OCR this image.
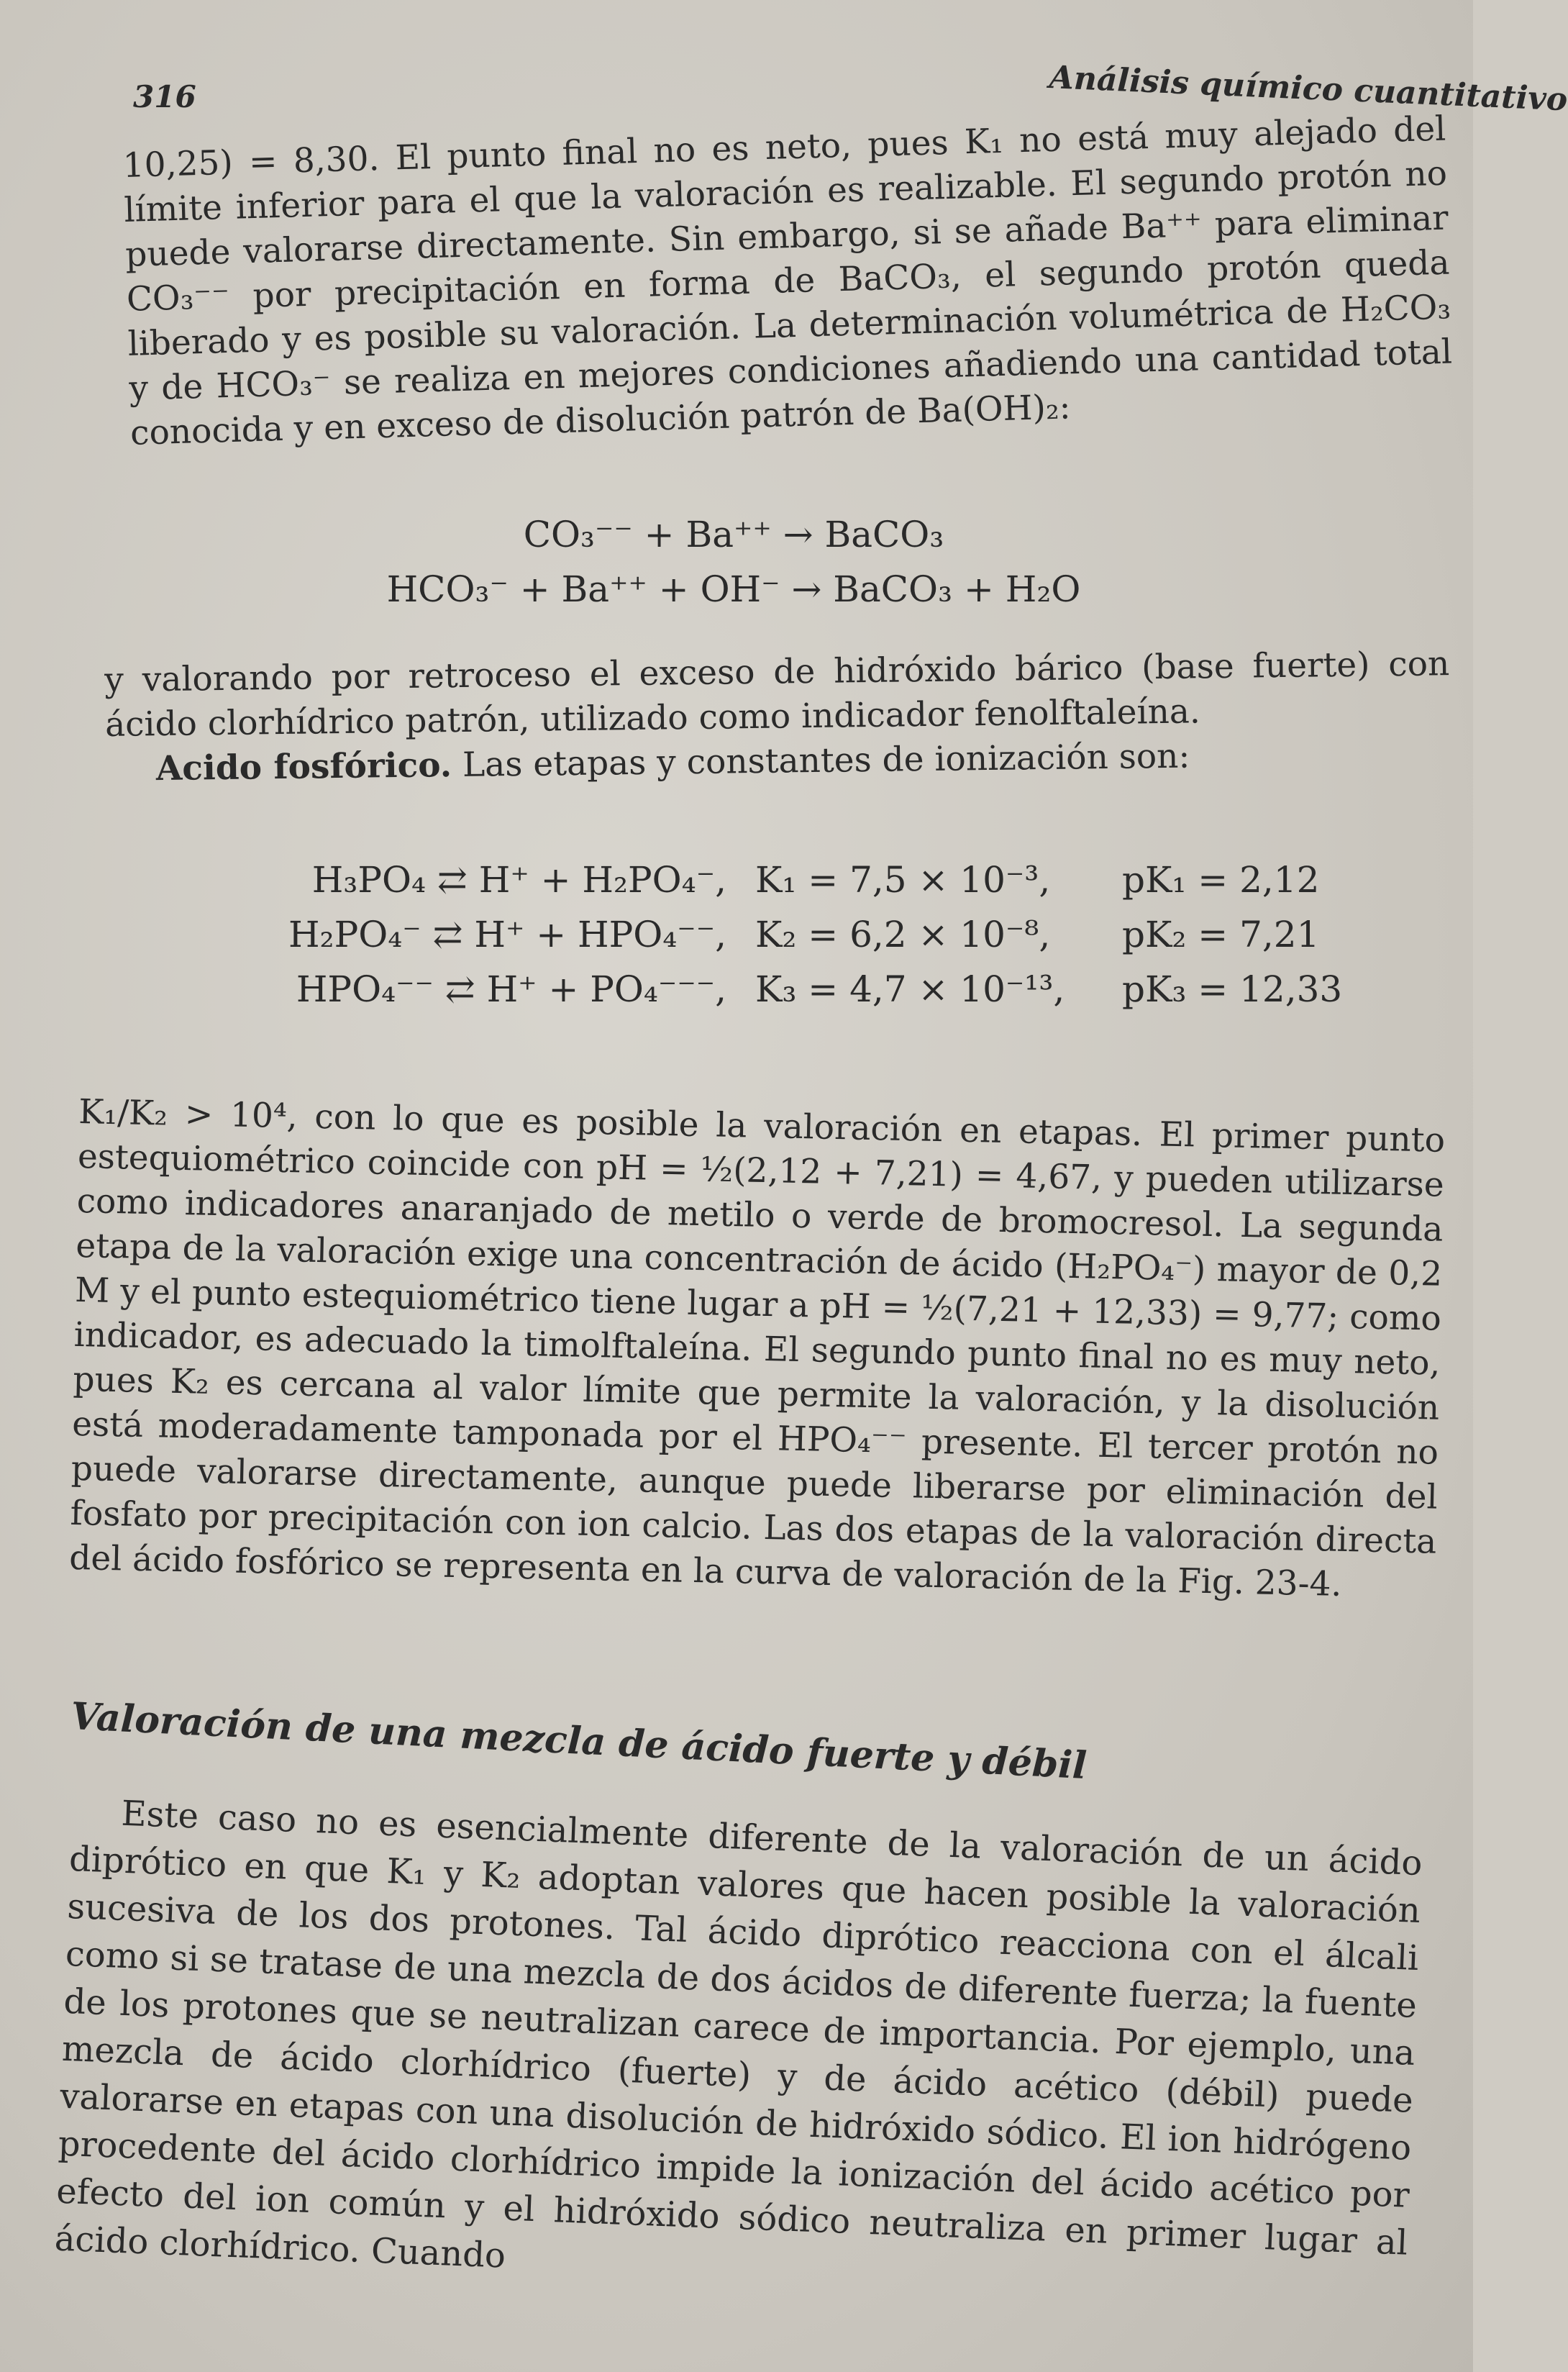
316	Análisis químico cuantitativo
10,25) = 8,30. El punto final no es neto, pues K₁ no está muy alejado del límite inferior para el que la valoración es realizable. El segundo protón no puede valorarse directamente. Sin embargo, si se añade Ba⁺⁺ para eliminar CO₃⁻⁻ por precipitación en forma de BaCO₃, el segundo protón queda liberado y es posible su valoración. La determinación volumétrica de H₂CO₃ y de HCO₃⁻ se realiza en mejores condiciones añadiendo una cantidad total conocida y en exceso de disolución patrón de Ba(OH)₂:
CO₃⁻⁻ + Ba⁺⁺ → BaCO₃
HCO₃⁻ + Ba⁺⁺ + OH⁻ → BaCO₃ + H₂O
y valorando por retroceso el exceso de hidróxido bárico (base fuerte) con ácido clorhídrico patrón, utilizado como indicador fenolftaleína.
Acido fosfórico. Las etapas y constantes de ionización son:
H₃PO₄ ⇄ H⁺ + H₂PO₄⁻, K₁ = 7,5 × 10⁻³,	pK₁ = 2,12
H₂PO₄⁻ ⇄ H⁺ + HPO₄⁻⁻, K₂ = 6,2 × 10⁻⁸,	pK₂ = 7,21
HPO₄⁻⁻ ⇄ H⁺ + PO₄⁻⁻⁻, K₃ = 4,7 × 10⁻¹³,	pK₃ = 12,33
K₁/K₂ > 10⁴, con lo que es posible la valoración en etapas. El primer punto estequiométrico coincide con pH = ½(2,12 + 7,21) = 4,67, y pueden utilizarse como indicadores anaranjado de metilo o verde de bromocresol. La segunda etapa de la valoración exige una concentración de ácido (H₂PO₄⁻) mayor de 0,2 M y el punto estequiométrico tiene lugar a pH = ½(7,21 + 12,33) = 9,77; como indicador, es adecuado la timolftaleína. El segundo punto final no es muy neto, pues K₂ es cercana al valor límite que permite la valoración, y la disolución está moderadamente tamponada por el HPO₄⁻⁻ presente. El tercer protón no puede valorarse directamente, aunque puede liberarse por eliminación del fosfato por precipitación con ion calcio. Las dos etapas de la valoración directa del ácido fosfórico se representa en la curva de valoración de la Fig. 23-4.
Valoración de una mezcla de ácido fuerte y débil
Este caso no es esencialmente diferente de la valoración de un ácido diprótico en que K₁ y K₂ adoptan valores que hacen posible la valoración sucesiva de los dos protones. Tal ácido diprótico reacciona con el álcali como si se tratase de una mezcla de dos ácidos de diferente fuerza; la fuente de los protones que se neutralizan carece de importancia. Por ejemplo, una mezcla de ácido clorhídrico (fuerte) y de ácido acético (débil) puede valorarse en etapas con una disolución de hidróxido sódico. El ion hidrógeno procedente del ácido clorhídrico impide la ionización del ácido acético por efecto del ion común y el hidróxido sódico neutraliza en primer lugar al ácido clorhídrico. Cuando
